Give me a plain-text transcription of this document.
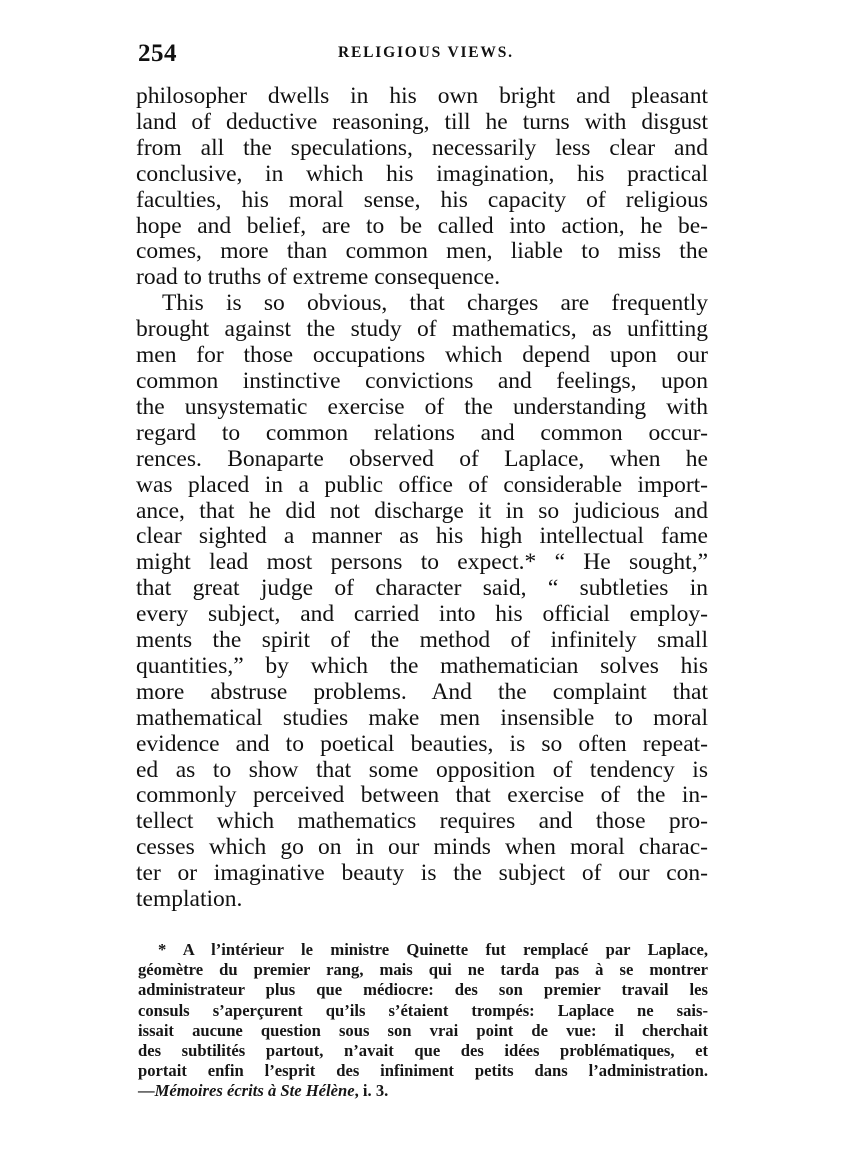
254	RELIGIOUS VIEWS.
philosopher dwells in his own bright and pleasant
land of deductive reasoning, till he turns with disgust
from all the speculations, necessarily less clear and
conclusive, in which his imagination, his practical
faculties, his moral sense, his capacity of religious
hope and belief, are to be called into action, he be-
comes, more than common men, liable to miss the
road to truths of extreme consequence.
This is so obvious, that charges are frequently
brought against the study of mathematics, as unfitting
men for those occupations which depend upon our
common instinctive convictions and feelings, upon
the unsystematic exercise of the understanding with
regard to common relations and common occur-
rences. Bonaparte observed of Laplace, when he
was placed in a public office of considerable import-
ance, that he did not discharge it in so judicious and
clear sighted a manner as his high intellectual fame
might lead most persons to expect.* “ He sought,”
that great judge of character said, “ subtleties in
every subject, and carried into his official employ-
ments the spirit of the method of infinitely small
quantities,” by which the mathematician solves his
more abstruse problems. And the complaint that
mathematical studies make men insensible to moral
evidence and to poetical beauties, is so often repeat-
ed as to show that some opposition of tendency is
commonly perceived between that exercise of the in-
tellect which mathematics requires and those pro-
cesses which go on in our minds when moral charac-
ter or imaginative beauty is the subject of our con-
templation.
* A l’intérieur le ministre Quinette fut remplacé par Laplace,
géomètre du premier rang, mais qui ne tarda pas à se montrer
administrateur plus que médiocre: des son premier travail les
consuls s’aperçurent qu’ils s’étaient trompés: Laplace ne sais-
issait aucune question sous son vrai point de vue: il cherchait
des subtilités partout, n’avait que des idées problématiques, et
portait enfin l’esprit des infiniment petits dans l’administration.
—Mémoires écrits à Ste Hélène, i. 3.
